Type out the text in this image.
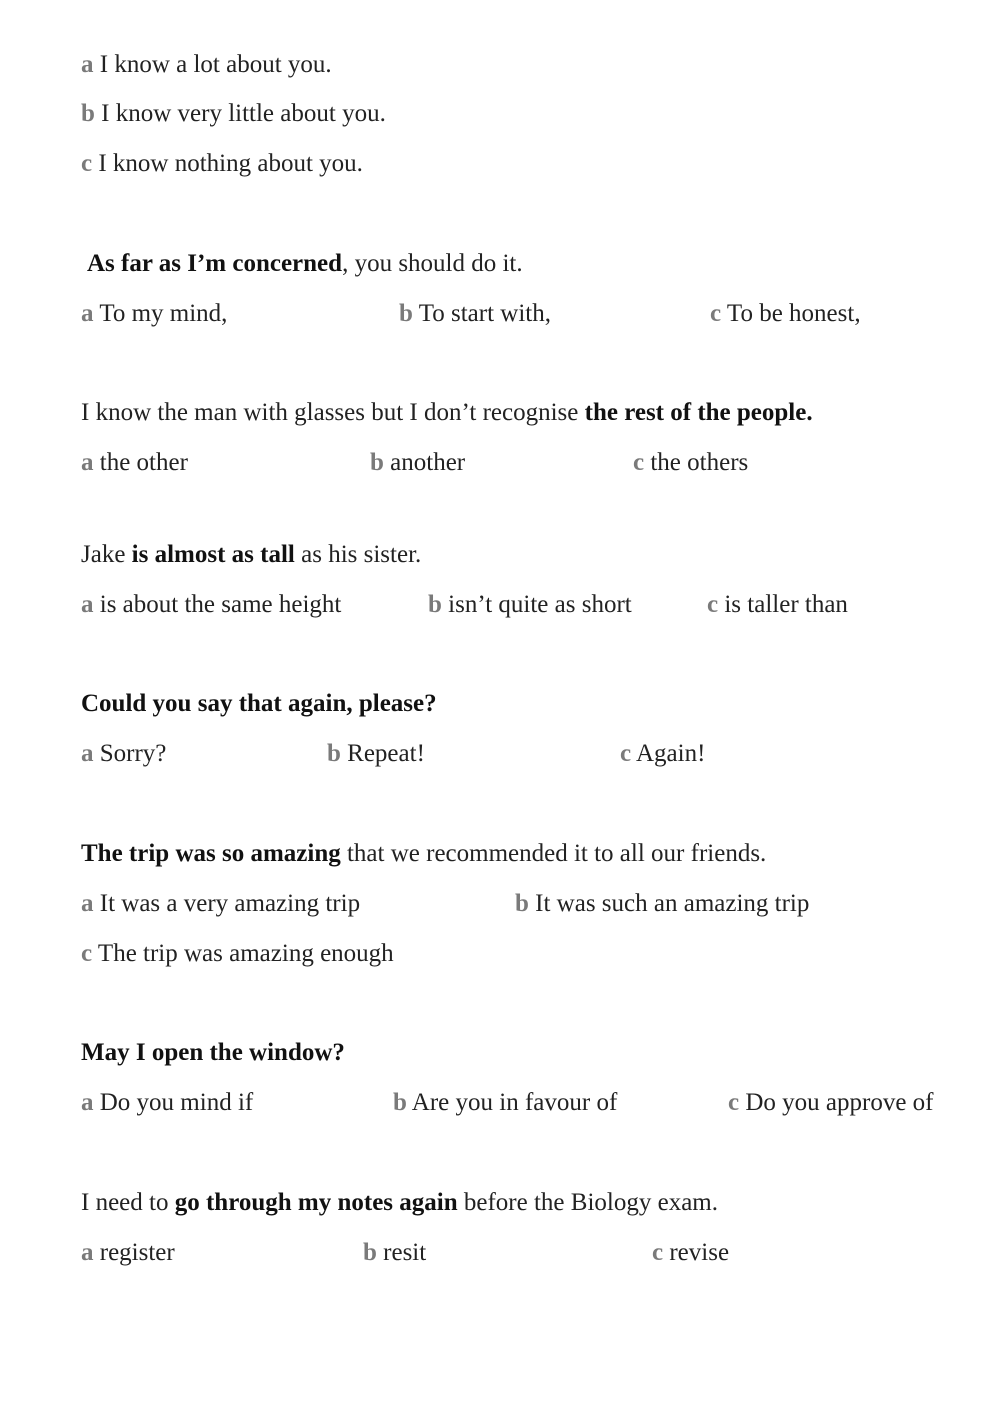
a I know a lot about you.
b I know very little about you.
c I know nothing about you.
As far as I’m concerned, you should do it.
a To my mind,	b To start with,	c To be honest,
I know the man with glasses but I don’t recognise the rest of the people.
a the other	b another	c the others
Jake is almost as tall as his sister.
a is about the same height	b isn’t quite as short	c is taller than
Could you say that again, please?
a Sorry?	b Repeat!	c Again!
The trip was so amazing that we recommended it to all our friends.
a It was a very amazing trip	b It was such an amazing trip
c The trip was amazing enough
May I open the window?
a Do you mind if	b Are you in favour of	c Do you approve of
I need to go through my notes again before the Biology exam.
a register	b resit	c revise
